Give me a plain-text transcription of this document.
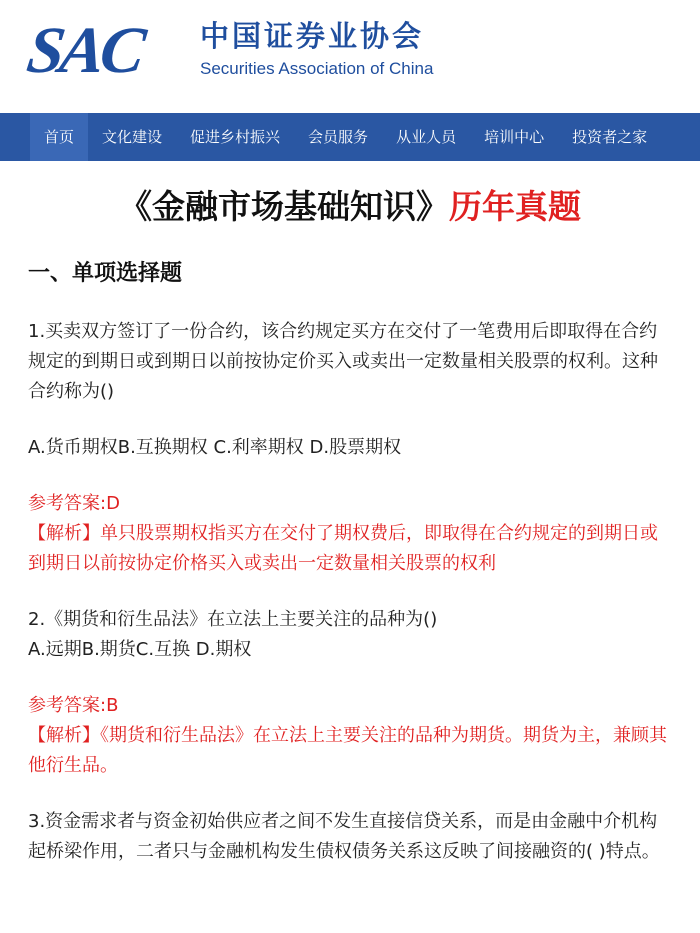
SAC	中国证券业协会
Securities Association of China
首页	文化建设	促进乡村振兴	会员服务	从业人员	培训中心	投资者之家
《金融市场基础知识》历年真题
一、单项选择题
1.买卖双方签订了一份合约，该合约规定买方在交付了一笔费用后即取得在合约规定的到期日或到期日以前按协定价买入或卖出一定数量相关股票的权利。这种合约称为()
A.货币期权B.互换期权 C.利率期权 D.股票期权
参考答案:D
【解析】单只股票期权指买方在交付了期权费后，即取得在合约规定的到期日或到期日以前按协定价格买入或卖出一定数量相关股票的权利
2.《期货和衍生品法》在立法上主要关注的品种为()
A.远期B.期货C.互换 D.期权
参考答案:B
【解析】《期货和衍生品法》在立法上主要关注的品种为期货。期货为主，兼顾其他衍生品。
3.资金需求者与资金初始供应者之间不发生直接信贷关系，而是由金融中介机构起桥梁作用，二者只与金融机构发生债权债务关系这反映了间接融资的( )特点。
